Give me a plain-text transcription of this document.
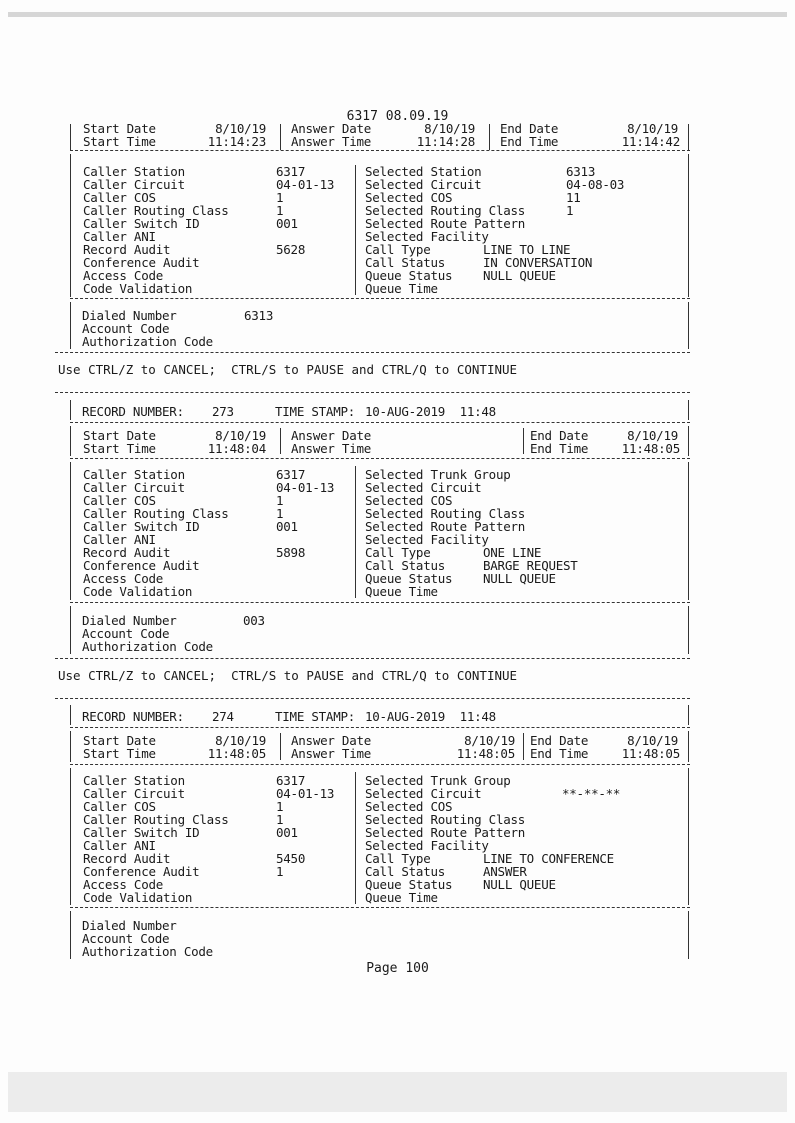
6317 08.09.19
Start Date
Start Time
8/10/19
11:14:23
Answer Date
Answer Time
8/10/19
11:14:28
End Date
End Time
8/10/19
11:14:42
Caller Station
Caller Circuit
Caller COS
Caller Routing Class
Caller Switch ID
Caller ANI
Record Audit
Conference Audit
Access Code
Code Validation
6317
04-01-13
1
1
001
5628
Selected Station
Selected Circuit
Selected COS
Selected Routing Class
Selected Route Pattern
Selected Facility
Call Type
Call Status
Queue Status
Queue Time
6313
04-08-03
11
1
LINE TO LINE
IN CONVERSATION
NULL QUEUE
Dialed Number
Account Code
Authorization Code
6313
Use CTRL/Z to CANCEL;  CTRL/S to PAUSE and CTRL/Q to CONTINUE
RECORD NUMBER: 273	TIME STAMP: 10-AUG-2019  11:48
Start Date
Start Time
8/10/19
11:48:04
Answer Date
Answer Time
End Date
End Time
8/10/19
11:48:05
Caller Station
Caller Circuit
Caller COS
Caller Routing Class
Caller Switch ID
Caller ANI
Record Audit
Conference Audit
Access Code
Code Validation
6317
04-01-13
1
1
001
5898
Selected Trunk Group
Selected Circuit
Selected COS
Selected Routing Class
Selected Route Pattern
Selected Facility
Call Type
Call Status
Queue Status
Queue Time
ONE LINE
BARGE REQUEST
NULL QUEUE
Dialed Number
Account Code
Authorization Code
003
Use CTRL/Z to CANCEL;  CTRL/S to PAUSE and CTRL/Q to CONTINUE
RECORD NUMBER: 274	TIME STAMP: 10-AUG-2019  11:48
Start Date
Start Time
8/10/19
11:48:05
Answer Date
Answer Time
8/10/19
11:48:05
End Date
End Time
8/10/19
11:48:05
Caller Station
Caller Circuit
Caller COS
Caller Routing Class
Caller Switch ID
Caller ANI
Record Audit
Conference Audit
Access Code
Code Validation
6317
04-01-13
1
1
001
5450
1
Selected Trunk Group
Selected Circuit
Selected COS
Selected Routing Class
Selected Route Pattern
Selected Facility
Call Type
Call Status
Queue Status
Queue Time
**-**-**
LINE TO CONFERENCE
ANSWER
NULL QUEUE
Dialed Number
Account Code
Authorization Code
Page 100
